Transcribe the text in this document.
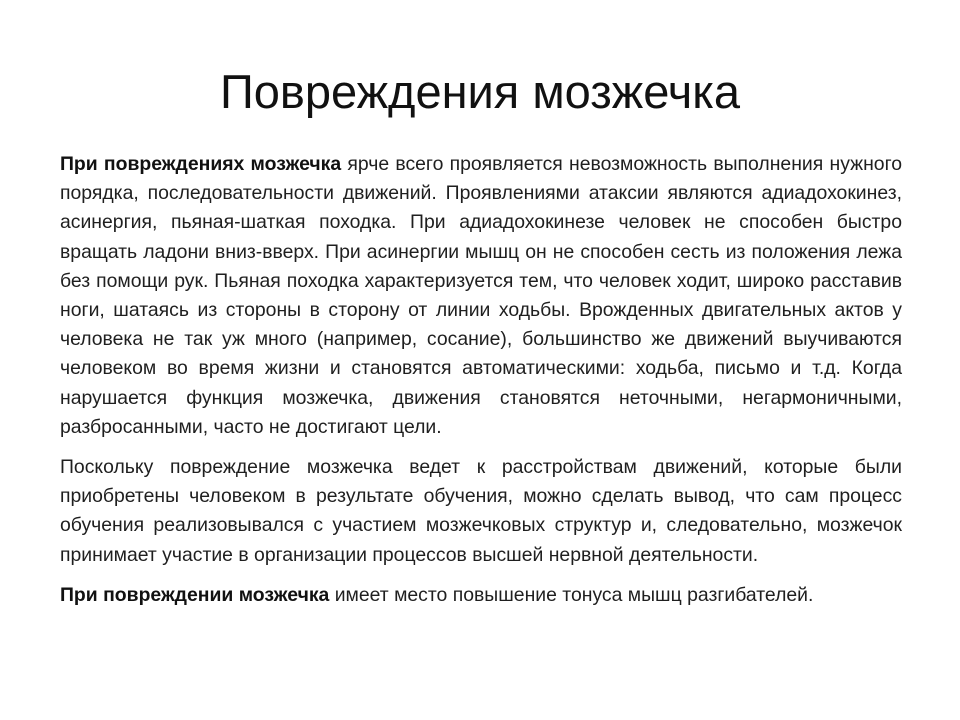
Повреждения мозжечка

При повреждениях мозжечка ярче всего проявляется невозможность выполнения нужного порядка, последовательности движений. Проявлениями атаксии являются адиадохокинез, асинергия, пьяная-шаткая походка. При адиадохокинезе человек не способен быстро вращать ладони вниз-вверх. При асинергии мышц он не способен сесть из положения лежа без помощи рук. Пьяная походка характеризуется тем, что человек ходит, широко расставив ноги, шатаясь из стороны в сторону от линии ходьбы. Врожденных двигательных актов у человека не так уж много (например, сосание), большинство же движений выучиваются человеком во время жизни и становятся автоматическими: ходьба, письмо и т.д. Когда нарушается функция мозжечка, движения становятся неточными, негармоничными, разбросанными, часто не достигают цели.

Поскольку повреждение мозжечка ведет к расстройствам движений, которые были приобретены человеком в результате обучения, можно сделать вывод, что сам процесс обучения реализовывался с участием мозжечковых структур и, следовательно, мозжечок принимает участие в организации процессов высшей нервной деятельности.

При повреждении мозжечка имеет место повышение тонуса мышц разгибателей.
